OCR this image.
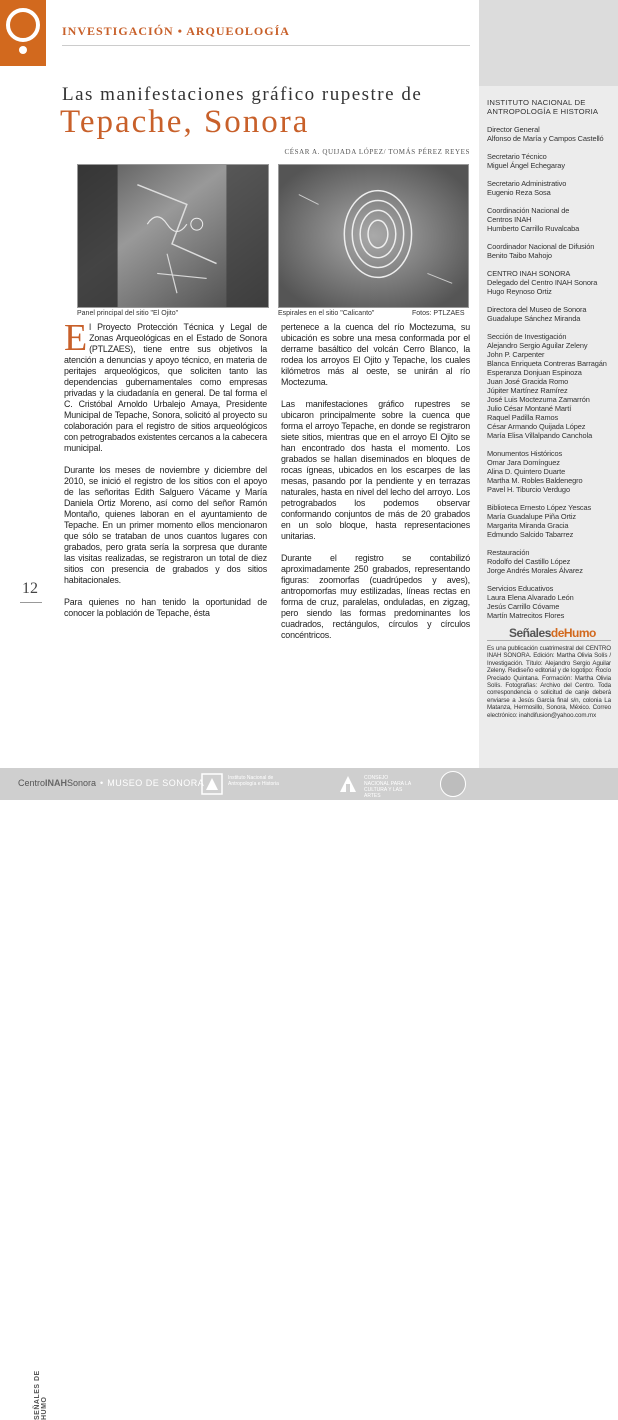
INVESTIGACIÓN • ARQUEOLOGÍA
Las manifestaciones gráfico rupestre de
Tepache, Sonora
CÉSAR A. QUIJADA LÓPEZ/ TOMÁS PÉREZ REYES
Panel principal del sitio "El Ojito"	Espirales en el sitio "Calicanto"	Fotos: PTLZAES

El Proyecto Protección Técnica y Legal de Zonas Arqueológicas en el Estado de Sonora (PTLZAES), tiene entre sus objetivos la atención a denuncias y apoyo técnico, en materia de peritajes arqueológicos, que soliciten tanto las dependencias gubernamentales como empresas privadas y la ciudadanía en general. De tal forma el C. Cristóbal Arnoldo Urbalejo Amaya, Presidente Municipal de Tepache, Sonora, solicitó al proyecto su colaboración para el registro de sitios arqueológicos con petrograbados existentes cercanos a la cabecera municipal.

Durante los meses de noviembre y diciembre del 2010, se inició el registro de los sitios con el apoyo de las señoritas Edith Salguero Vácame y María Daniela Ortiz Moreno, así como del señor Ramón Montaño, quienes laboran en el ayuntamiento de Tepache. En un primer momento ellos mencionaron que sólo se trataban de unos cuantos lugares con grabados, pero grata sería la sorpresa que durante las visitas realizadas, se registraron un total de diez sitios con presencia de grabados y dos sitios habitacionales.

Para quienes no han tenido la oportunidad de conocer la población de Tepache, ésta

pertenece a la cuenca del río Moctezuma, su ubicación es sobre una mesa conformada por el derrame basáltico del volcán Cerro Blanco, la rodea los arroyos El Ojito y Tepache, los cuales kilómetros más al oeste, se unirán al río Moctezuma.

Las manifestaciones gráfico rupestres se ubicaron principalmente sobre la cuenca que forma el arroyo Tepache, en donde se registraron siete sitios, mientras que en el arroyo El Ojito se han encontrado dos hasta el momento. Los grabados se hallan diseminados en bloques de rocas ígneas, ubicados en los escarpes de las mesas, pasando por la pendiente y en terrazas naturales, hasta en nivel del lecho del arroyo. Los petrograbados los podemos observar conformando conjuntos de más de 20 grabados en un solo bloque, hasta representaciones unitarias.

Durante el registro se contabilizó aproximadamente 250 grabados, representando figuras: zoomorfas (cuadrúpedos y aves), antropomorfas muy estilizadas, líneas rectas en forma de cruz, paralelas, onduladas, en zigzag, pero siendo las formas predominantes los cuadrados, rectángulos, círculos y círculos concéntricos.

12
SEÑALES DE HUMO
INSTITUTO NACIONAL DE
ANTROPOLOGÍA E HISTORIA
Director General
Alfonso de María y Campos Castelló
Secretario Técnico
Miguel Ángel Echegaray
Secretario Administrativo
Eugenio Reza Sosa
Coordinación Nacional de
Centros INAH
Humberto Carrillo Ruvalcaba
Coordinador Nacional de Difusión
Benito Taibo Mahojo
CENTRO INAH SONORA
Delegado del Centro INAH Sonora
Hugo Reynoso Ortiz
Directora del Museo de Sonora
Guadalupe Sánchez Miranda
Sección de Investigación
Alejandro Sergio Aguilar Zeleny
John P. Carpenter
Blanca Enriqueta Contreras Barragán
Esperanza Donjuan Espinoza
Juan José Gracida Romo
Júpiter Martínez Ramírez
José Luis Moctezuma Zamarrón
Julio César Montané Martí
Raquel Padilla Ramos
César Armando Quijada López
María Elisa Villalpando Canchola
Monumentos Históricos
Omar Jara Domínguez
Alina D. Quintero Duarte
Martha M. Robles Baldenegro
Pavel H. Tiburcio Verdugo
Biblioteca Ernesto López Yescas
María Guadalupe Piña Ortiz
Margarita Miranda Gracia
Edmundo Salcido Tabarrez
Restauración
Rodolfo del Castillo López
Jorge Andrés Morales Álvarez
Servicios Educativos
Laura Elena Alvarado León
Jesús Carrillo Cóvame
Martín Matrecitos Flores
SeñalesdeHumo
Es una publicación cuatrimestral del CENTRO INAH SONORA. Edición: Martha Olivia Solís / Investigación. Título: Alejandro Sergio Aguilar Zeleny. Rediseño editorial y de logotipo: Rocío Preciado Quintana. Formación: Martha Olivia Solís. Fotografías: Archivo del Centro. Toda correspondencia o solicitud de canje deberá enviarse a Jesús García final s/n, colonia La Matanza, Hermosillo, Sonora, México. Correo electrónico: inahdifusion@yahoo.com.mx
CentroINAHSonora • MUSEO DE SONORA	Instituto Nacional de Antropología e Historia
CONSEJO NACIONAL PARA LA CULTURA Y LAS ARTES
